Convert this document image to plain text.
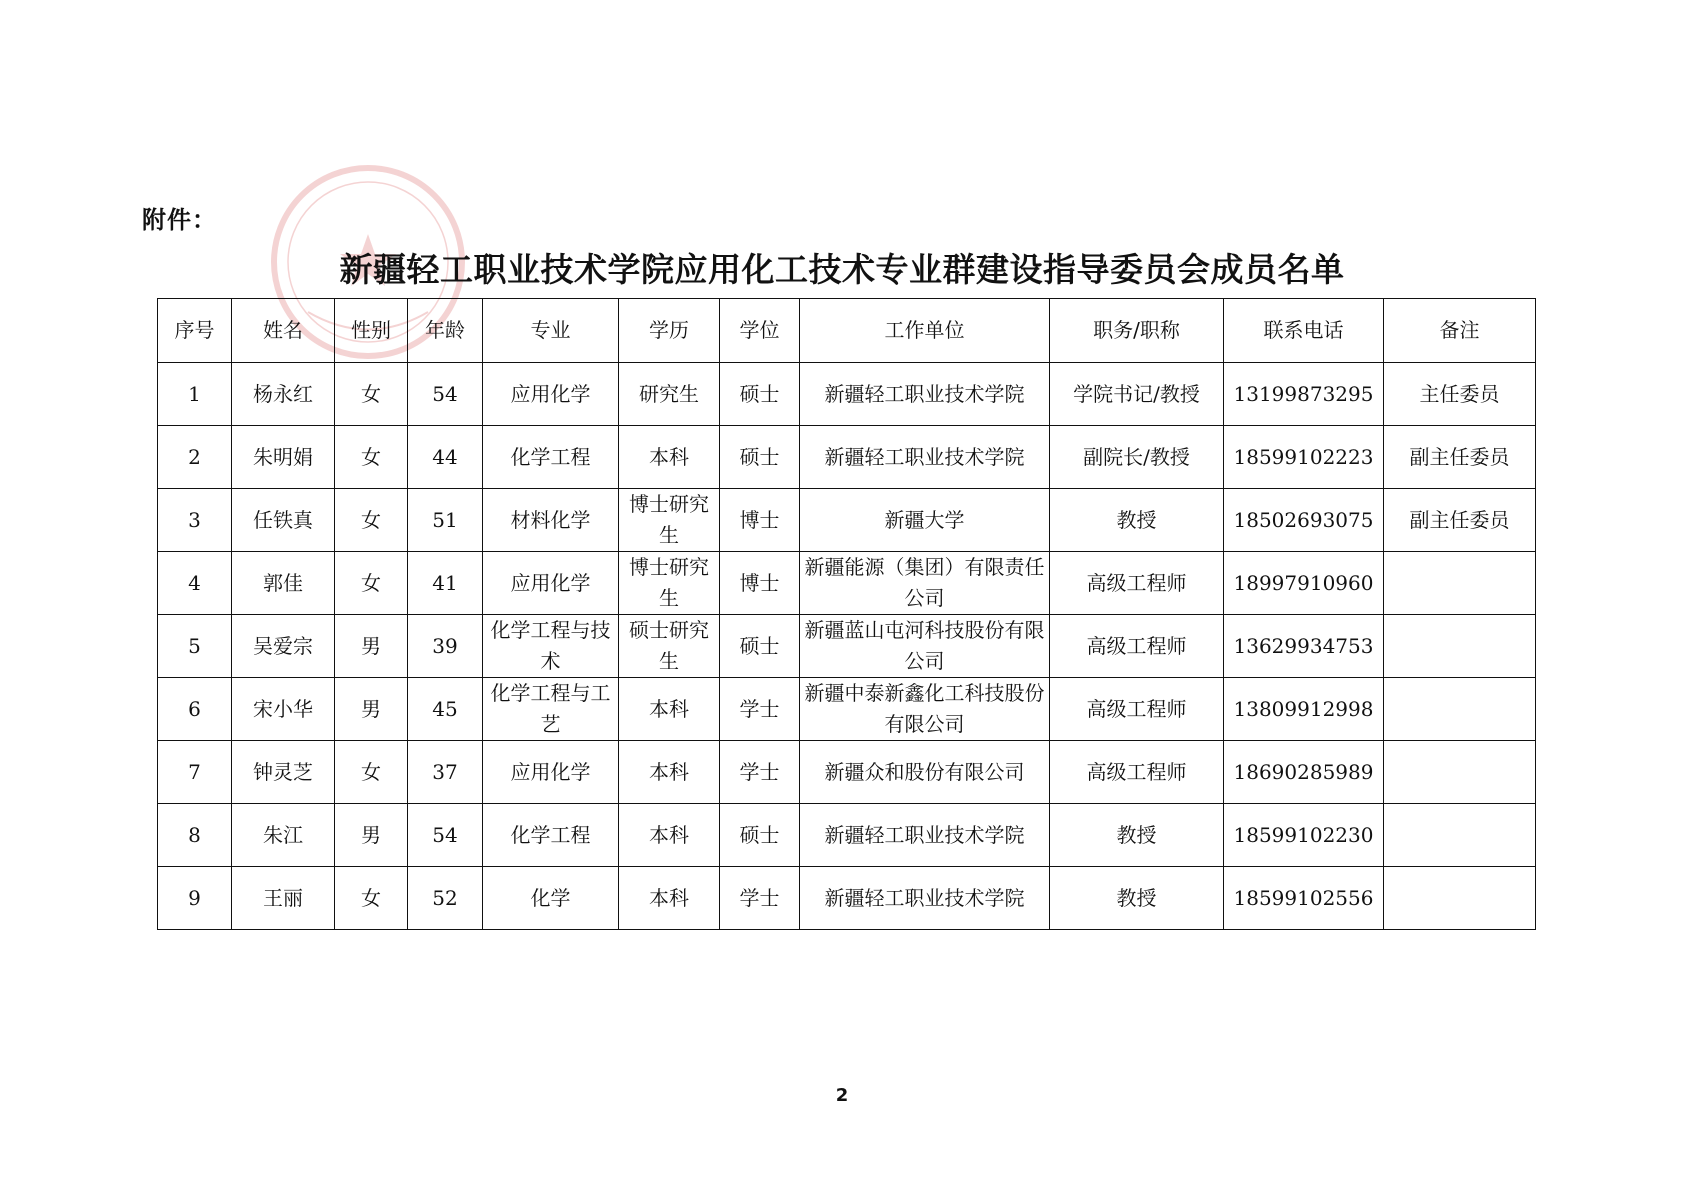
附件：
新疆轻工职业技术学院应用化工技术专业群建设指导委员会成员名单
序号	姓名	性别	年龄	专业	学历	学位	工作单位	职务/职称	联系电话	备注
1	杨永红	女	54	应用化学	研究生	硕士	新疆轻工职业技术学院	学院书记/教授	13199873295	主任委员
2	朱明娟	女	44	化学工程	本科	硕士	新疆轻工职业技术学院	副院长/教授	18599102223	副主任委员
3	任铁真	女	51	材料化学	博士研究生	博士	新疆大学	教授	18502693075	副主任委员
4	郭佳	女	41	应用化学	博士研究生	博士	新疆能源（集团）有限责任公司	高级工程师	18997910960	
5	吴爱宗	男	39	化学工程与技术	硕士研究生	硕士	新疆蓝山屯河科技股份有限公司	高级工程师	13629934753	
6	宋小华	男	45	化学工程与工艺	本科	学士	新疆中泰新鑫化工科技股份有限公司	高级工程师	13809912998	
7	钟灵芝	女	37	应用化学	本科	学士	新疆众和股份有限公司	高级工程师	18690285989	
8	朱江	男	54	化学工程	本科	硕士	新疆轻工职业技术学院	教授	18599102230	
9	王丽	女	52	化学	本科	学士	新疆轻工职业技术学院	教授	18599102556	
2
